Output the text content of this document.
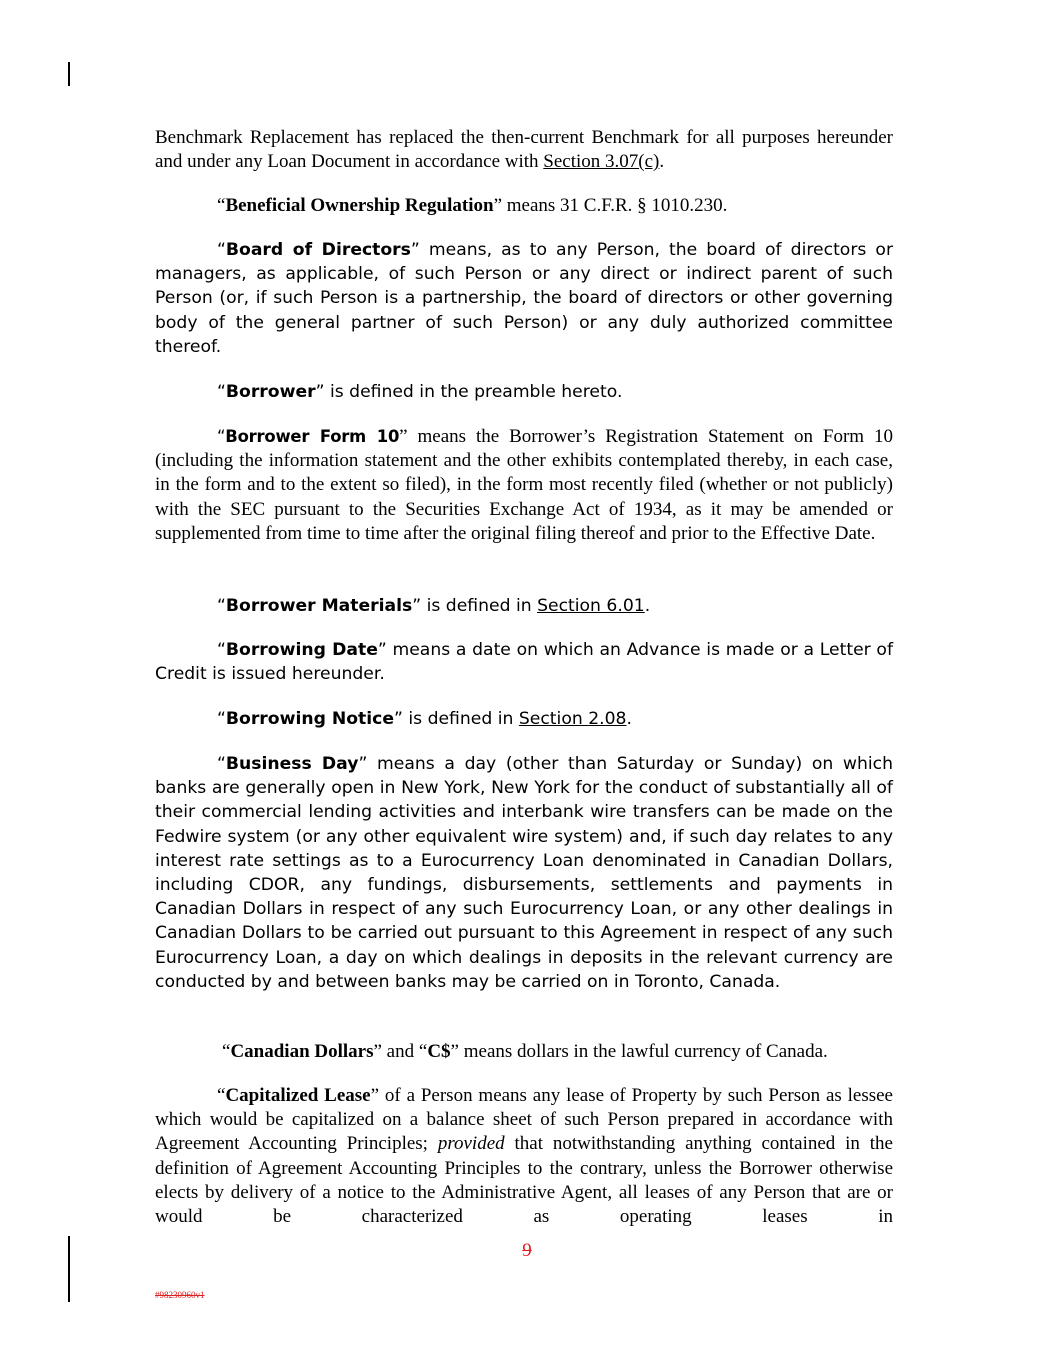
Benchmark Replacement has replaced the then-current Benchmark for all purposes hereunder and under any Loan Document in accordance with Section 3.07(c).

“Beneficial Ownership Regulation” means 31 C.F.R. § 1010.230.

“Board of Directors” means, as to any Person, the board of directors or managers, as applicable, of such Person or any direct or indirect parent of such Person (or, if such Person is a partnership, the board of directors or other governing body of the general partner of such Person) or any duly authorized committee thereof.

“Borrower” is defined in the preamble hereto.

“Borrower Form 10” means the Borrower’s Registration Statement on Form 10 (including the information statement and the other exhibits contemplated thereby, in each case, in the form and to the extent so filed), in the form most recently filed (whether or not publicly) with the SEC pursuant to the Securities Exchange Act of 1934, as it may be amended or supplemented from time to time after the original filing thereof and prior to the Effective Date.

“Borrower Materials” is defined in Section 6.01.

“Borrowing Date” means a date on which an Advance is made or a Letter of Credit is issued hereunder.

“Borrowing Notice” is defined in Section 2.08.

“Business Day” means a day (other than Saturday or Sunday) on which banks are generally open in New York, New York for the conduct of substantially all of their commercial lending activities and interbank wire transfers can be made on the Fedwire system (or any other equivalent wire system) and, if such day relates to any interest rate settings as to a Eurocurrency Loan denominated in Canadian Dollars, including CDOR, any fundings, disbursements, settlements and payments in Canadian Dollars in respect of any such Eurocurrency Loan, or any other dealings in Canadian Dollars to be carried out pursuant to this Agreement in respect of any such Eurocurrency Loan, a day on which dealings in deposits in the relevant currency are conducted by and between banks may be carried on in Toronto, Canada.

“Canadian Dollars” and “C$” means dollars in the lawful currency of Canada.

“Capitalized Lease” of a Person means any lease of Property by such Person as lessee which would be capitalized on a balance sheet of such Person prepared in accordance with Agreement Accounting Principles; provided that notwithstanding anything contained in the definition of Agreement Accounting Principles to the contrary, unless the Borrower otherwise elects by delivery of a notice to the Administrative Agent, all leases of any Person that are or would be characterized as operating leases in

9
#98230960v1
